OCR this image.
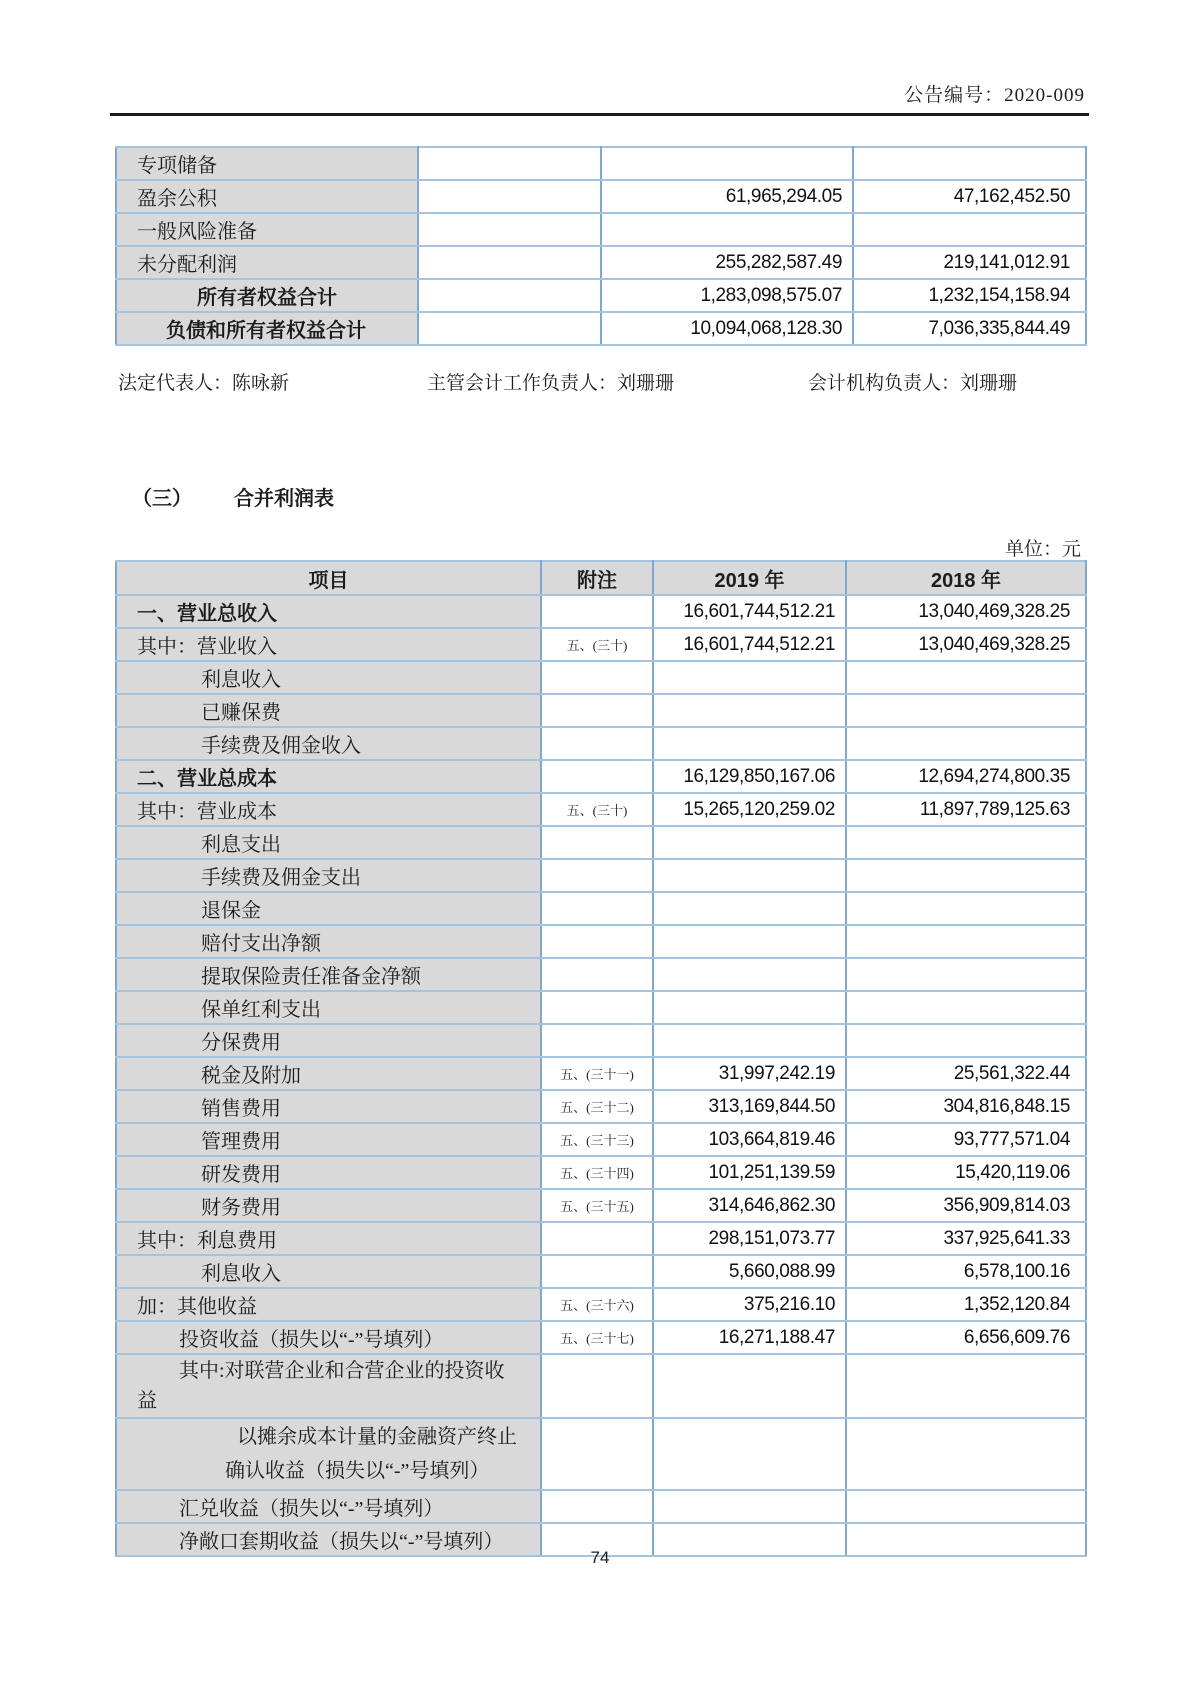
公告编号：2020-009
专项储备			
盈余公积		61,965,294.05	47,162,452.50
一般风险准备			
未分配利润		255,282,587.49	219,141,012.91
所有者权益合计		1,283,098,575.07	1,232,154,158.94
负债和所有者权益合计		10,094,068,128.30	7,036,335,844.49
法定代表人：陈咏新	主管会计工作负责人：刘珊珊	会计机构负责人：刘珊珊
（三） 合并利润表
单位：元
项目	附注	2019 年	2018 年
一、营业总收入		16,601,744,512.21	13,040,469,328.25
其中：营业收入	五、(三十)	16,601,744,512.21	13,040,469,328.25
利息收入			
已赚保费			
手续费及佣金收入			
二、营业总成本		16,129,850,167.06	12,694,274,800.35
其中：营业成本	五、(三十)	15,265,120,259.02	11,897,789,125.63
利息支出			
手续费及佣金支出			
退保金			
赔付支出净额			
提取保险责任准备金净额			
保单红利支出			
分保费用			
税金及附加	五、(三十一)	31,997,242.19	25,561,322.44
销售费用	五、(三十二)	313,169,844.50	304,816,848.15
管理费用	五、(三十三)	103,664,819.46	93,777,571.04
研发费用	五、(三十四)	101,251,139.59	15,420,119.06
财务费用	五、(三十五)	314,646,862.30	356,909,814.03
其中：利息费用		298,151,073.77	337,925,641.33
利息收入		5,660,088.99	6,578,100.16
加：其他收益	五、(三十六)	375,216.10	1,352,120.84
投资收益（损失以“-”号填列）	五、(三十七)	16,271,188.47	6,656,609.76
其中:对联营企业和合营企业的投资收
益			
以摊余成本计量的金融资产终止
确认收益（损失以“-”号填列）			
汇兑收益（损失以“-”号填列）			
净敞口套期收益（损失以“-”号填列）			
74
